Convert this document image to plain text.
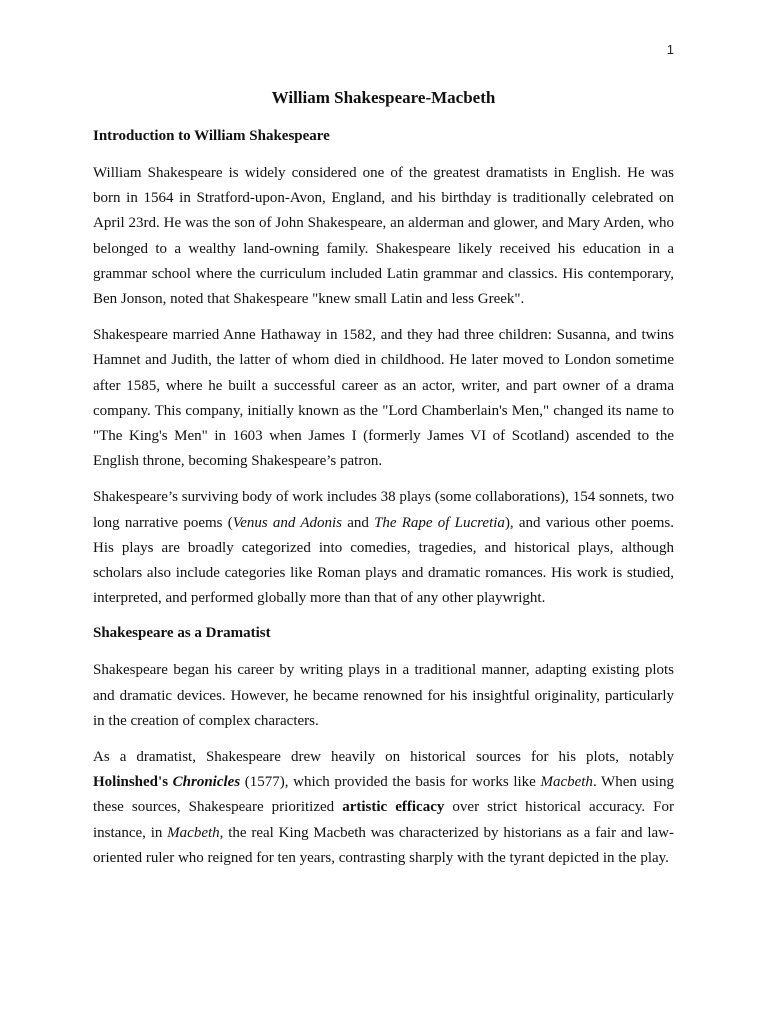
1
William Shakespeare-Macbeth
Introduction to William Shakespeare

William Shakespeare is widely considered one of the greatest dramatists in English. He was born in 1564 in Stratford-upon-Avon, England, and his birthday is traditionally celebrated on April 23rd. He was the son of John Shakespeare, an alderman and glower, and Mary Arden, who belonged to a wealthy land-owning family. Shakespeare likely received his education in a grammar school where the curriculum included Latin grammar and classics. His contemporary, Ben Jonson, noted that Shakespeare "knew small Latin and less Greek".

Shakespeare married Anne Hathaway in 1582, and they had three children: Susanna, and twins Hamnet and Judith, the latter of whom died in childhood. He later moved to London sometime after 1585, where he built a successful career as an actor, writer, and part owner of a drama company. This company, initially known as the "Lord Chamberlain's Men," changed its name to "The King's Men" in 1603 when James I (formerly James VI of Scotland) ascended to the English throne, becoming Shakespeare’s patron.

Shakespeare’s surviving body of work includes 38 plays (some collaborations), 154 sonnets, two long narrative poems (Venus and Adonis and The Rape of Lucretia), and various other poems. His plays are broadly categorized into comedies, tragedies, and historical plays, although scholars also include categories like Roman plays and dramatic romances. His work is studied, interpreted, and performed globally more than that of any other playwright.

Shakespeare as a Dramatist

Shakespeare began his career by writing plays in a traditional manner, adapting existing plots and dramatic devices. However, he became renowned for his insightful originality, particularly in the creation of complex characters.

As a dramatist, Shakespeare drew heavily on historical sources for his plots, notably Holinshed's Chronicles (1577), which provided the basis for works like Macbeth. When using these sources, Shakespeare prioritized artistic efficacy over strict historical accuracy. For instance, in Macbeth, the real King Macbeth was characterized by historians as a fair and law-oriented ruler who reigned for ten years, contrasting sharply with the tyrant depicted in the play.
